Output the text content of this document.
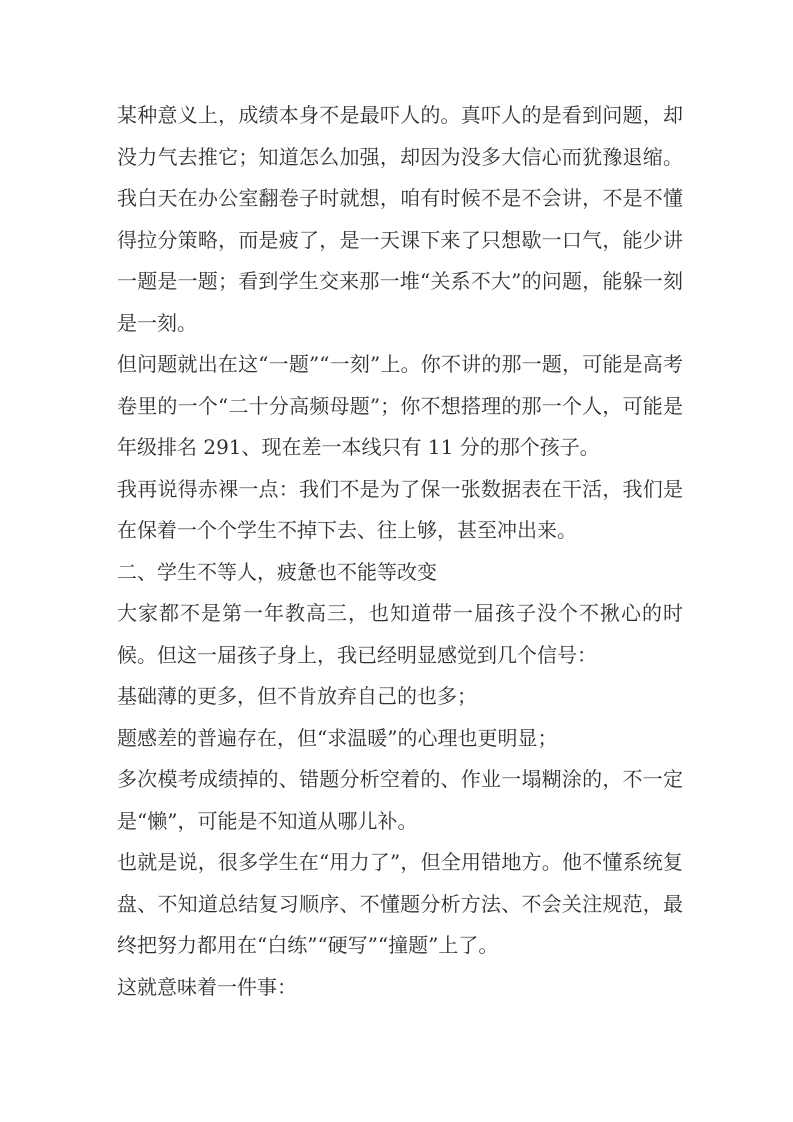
某种意义上，成绩本身不是最吓人的。真吓人的是看到问题，却没力气去推它；知道怎么加强，却因为没多大信心而犹豫退缩。我白天在办公室翻卷子时就想，咱有时候不是不会讲，不是不懂得拉分策略，而是疲了，是一天课下来了只想歇一口气，能少讲一题是一题；看到学生交来那一堆“关系不大”的问题，能躲一刻是一刻。

但问题就出在这“一题”“一刻”上。你不讲的那一题，可能是高考卷里的一个“二十分高频母题”；你不想搭理的那一个人，可能是年级排名 291、现在差一本线只有 11 分的那个孩子。

我再说得赤裸一点：我们不是为了保一张数据表在干活，我们是在保着一个个学生不掉下去、往上够，甚至冲出来。

二、学生不等人，疲惫也不能等改变

大家都不是第一年教高三，也知道带一届孩子没个不揪心的时候。但这一届孩子身上，我已经明显感觉到几个信号：

基础薄的更多，但不肯放弃自己的也多；

题感差的普遍存在，但“求温暖”的心理也更明显；

多次模考成绩掉的、错题分析空着的、作业一塌糊涂的，不一定是“懒”，可能是不知道从哪儿补。

也就是说，很多学生在“用力了”，但全用错地方。他不懂系统复盘、不知道总结复习顺序、不懂题分析方法、不会关注规范，最终把努力都用在“白练”“硬写”“撞题”上了。

这就意味着一件事：
